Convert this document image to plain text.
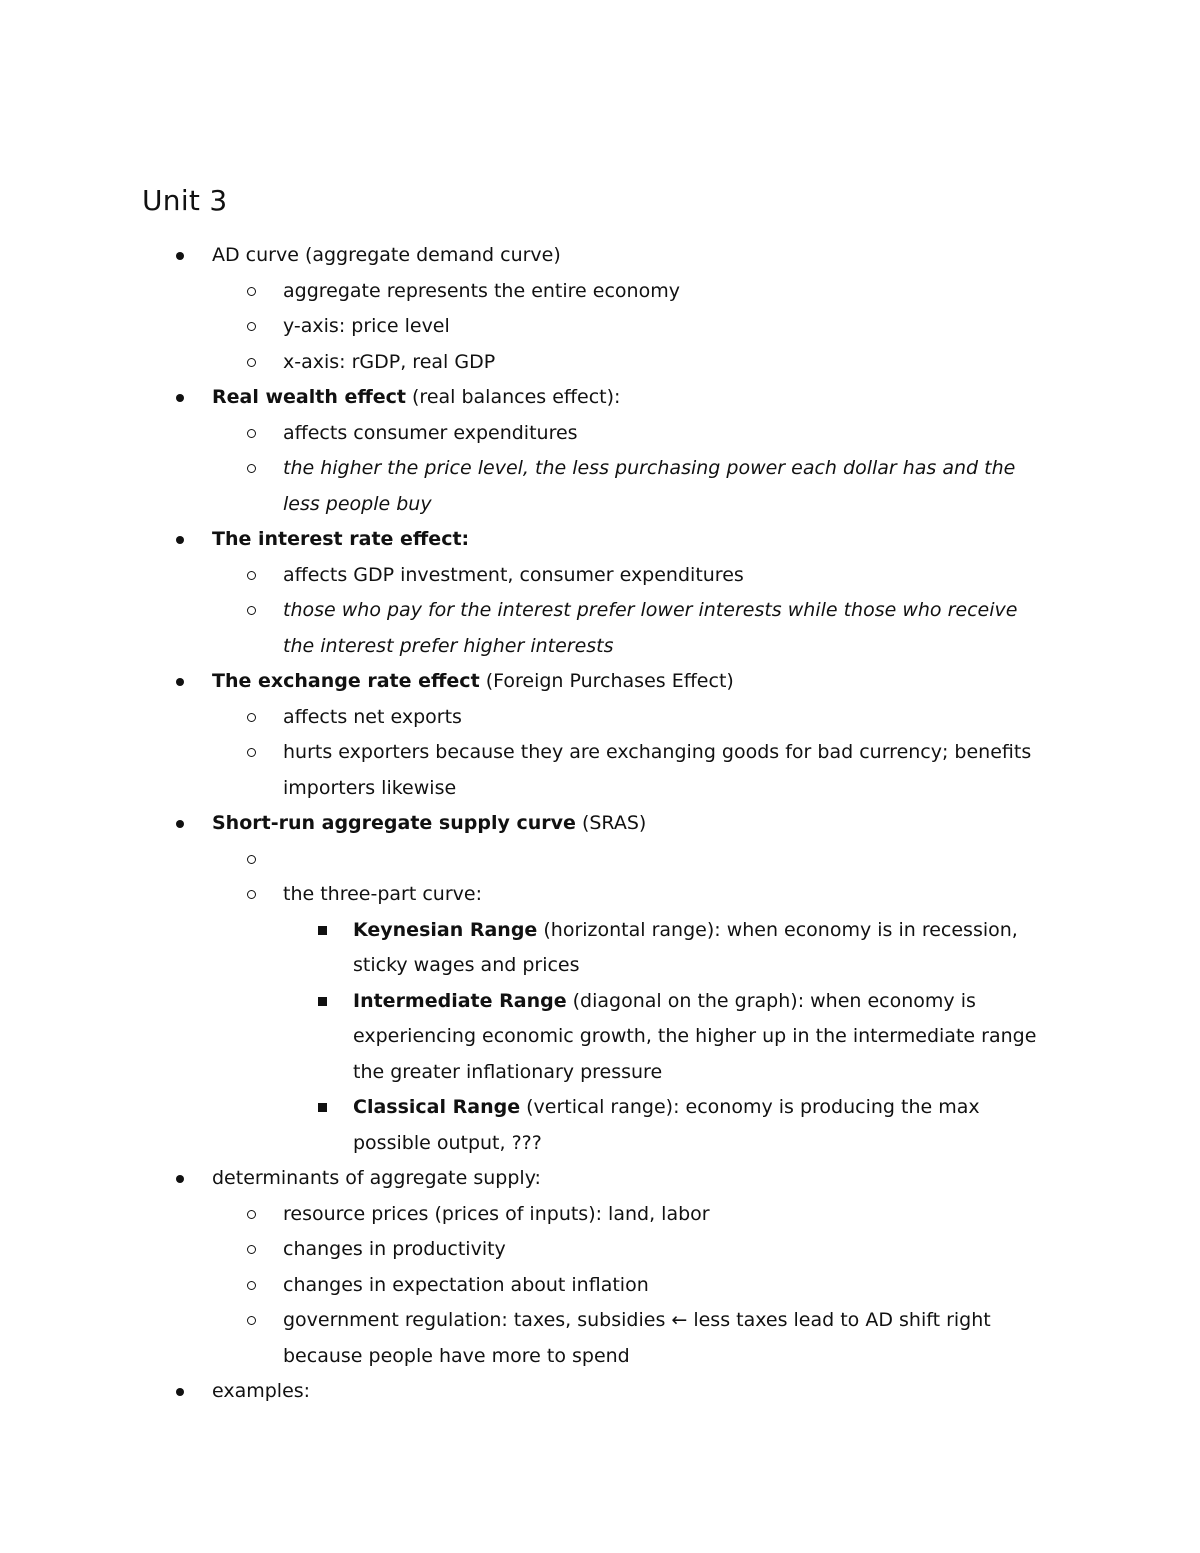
Unit 3
AD curve (aggregate demand curve)
aggregate represents the entire economy
y-axis: price level
x-axis: rGDP, real GDP
Real wealth effect (real balances effect):
affects consumer expenditures
the higher the price level, the less purchasing power each dollar has and the less people buy
The interest rate effect:
affects GDP investment, consumer expenditures
those who pay for the interest prefer lower interests while those who receive the interest prefer higher interests
The exchange rate effect (Foreign Purchases Effect)
affects net exports
hurts exporters because they are exchanging goods for bad currency; benefits importers likewise
Short-run aggregate supply curve (SRAS)

the three-part curve:
Keynesian Range (horizontal range): when economy is in recession, sticky wages and prices
Intermediate Range (diagonal on the graph): when economy is experiencing economic growth, the higher up in the intermediate range the greater inflationary pressure
Classical Range (vertical range): economy is producing the max possible output, ???
determinants of aggregate supply:
resource prices (prices of inputs): land, labor
changes in productivity
changes in expectation about inflation
government regulation: taxes, subsidies ← less taxes lead to AD shift right because people have more to spend
examples:
